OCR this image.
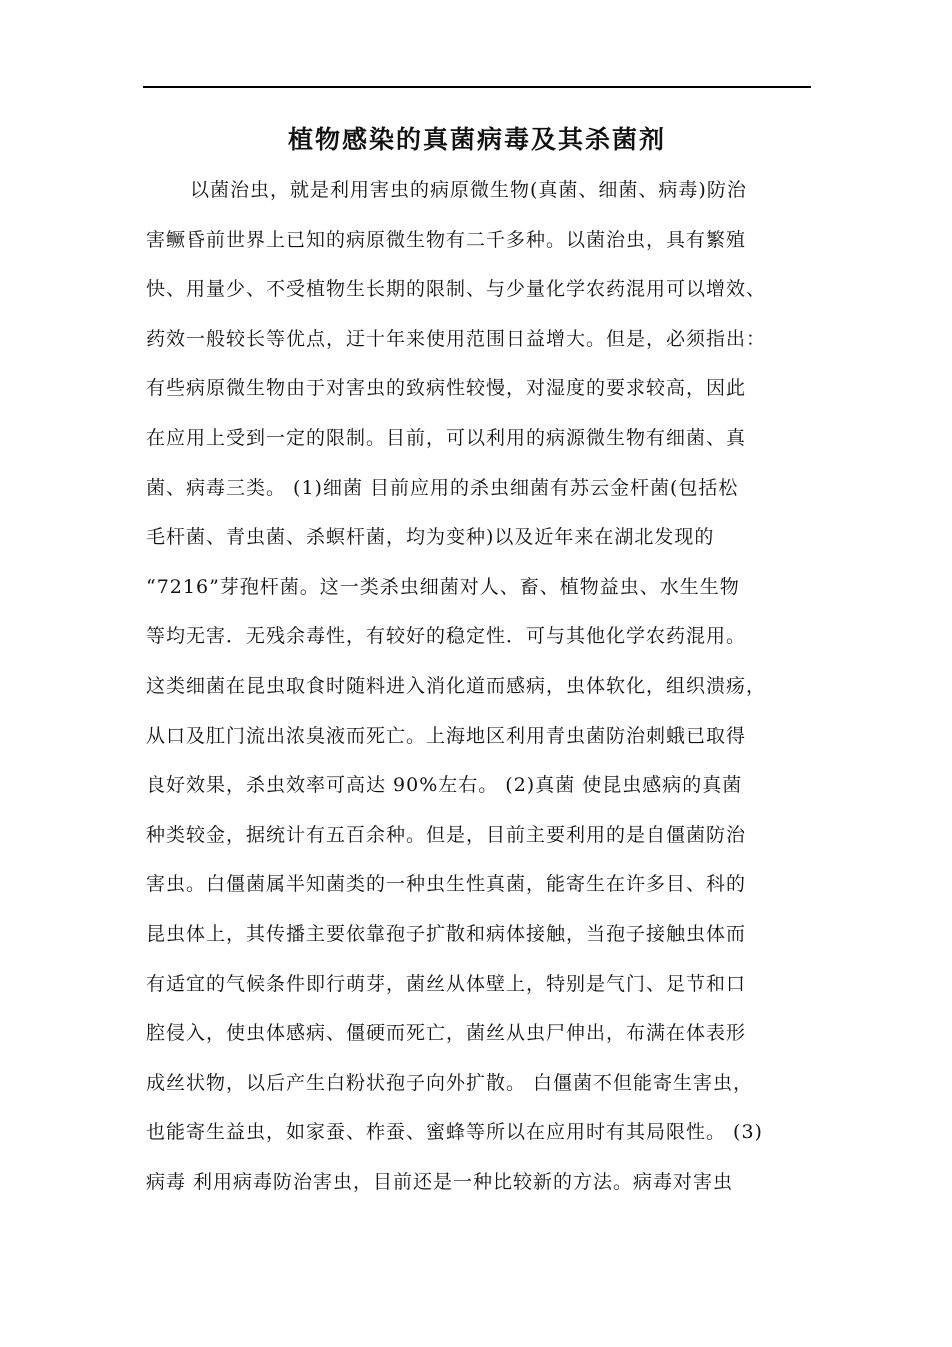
植物感染的真菌病毒及其杀菌剂
以菌治虫，就是利用害虫的病原微生物(真菌、细菌、病毒)防治
害鳜昏前世界上已知的病原微生物有二千多种。以菌治虫，具有繁殖
快、用量少、不受植物生长期的限制、与少量化学农药混用可以增效、
药效一般较长等优点，迂十年来使用范围日益增大。但是，必须指出：
有些病原微生物由于对害虫的致病性较慢，对湿度的要求较高，因此
在应用上受到一定的限制。目前，可以利用的病源微生物有细菌、真
菌、病毒三类。 (1)细菌 目前应用的杀虫细菌有苏云金杆菌(包括松
毛杆菌、青虫菌、杀螟杆菌，均为变种)以及近年来在湖北发现的
“7216”芽孢杆菌。这一类杀虫细菌对人、畜、植物益虫、水生生物
等均无害．无残余毒性，有较好的稳定性．可与其他化学农药混用。
这类细菌在昆虫取食时随料进入消化道而感病，虫体软化，组织溃疡，
从口及肛门流出浓臭液而死亡。上海地区利用青虫菌防治刺蛾已取得
良好效果，杀虫效率可高达 90%左右。 (2)真菌 使昆虫感病的真菌
种类较金，据统计有五百余种。但是，目前主要利用的是自僵菌防治
害虫。白僵菌属半知菌类的一种虫生性真菌，能寄生在许多目、科的
昆虫体上，其传播主要依靠孢子扩散和病体接触，当孢子接触虫体而
有适宜的气候条件即行萌芽，菌丝从体壁上，特别是气门、足节和口
腔侵入，使虫体感病、僵硬而死亡，菌丝从虫尸伸出，布满在体表形
成丝状物，以后产生白粉状孢子向外扩散。 白僵菌不但能寄生害虫，
也能寄生益虫，如家蚕、柞蚕、蜜蜂等所以在应用时有其局限性。 (3)
病毒 利用病毒防治害虫，目前还是一种比较新的方法。病毒对害虫
